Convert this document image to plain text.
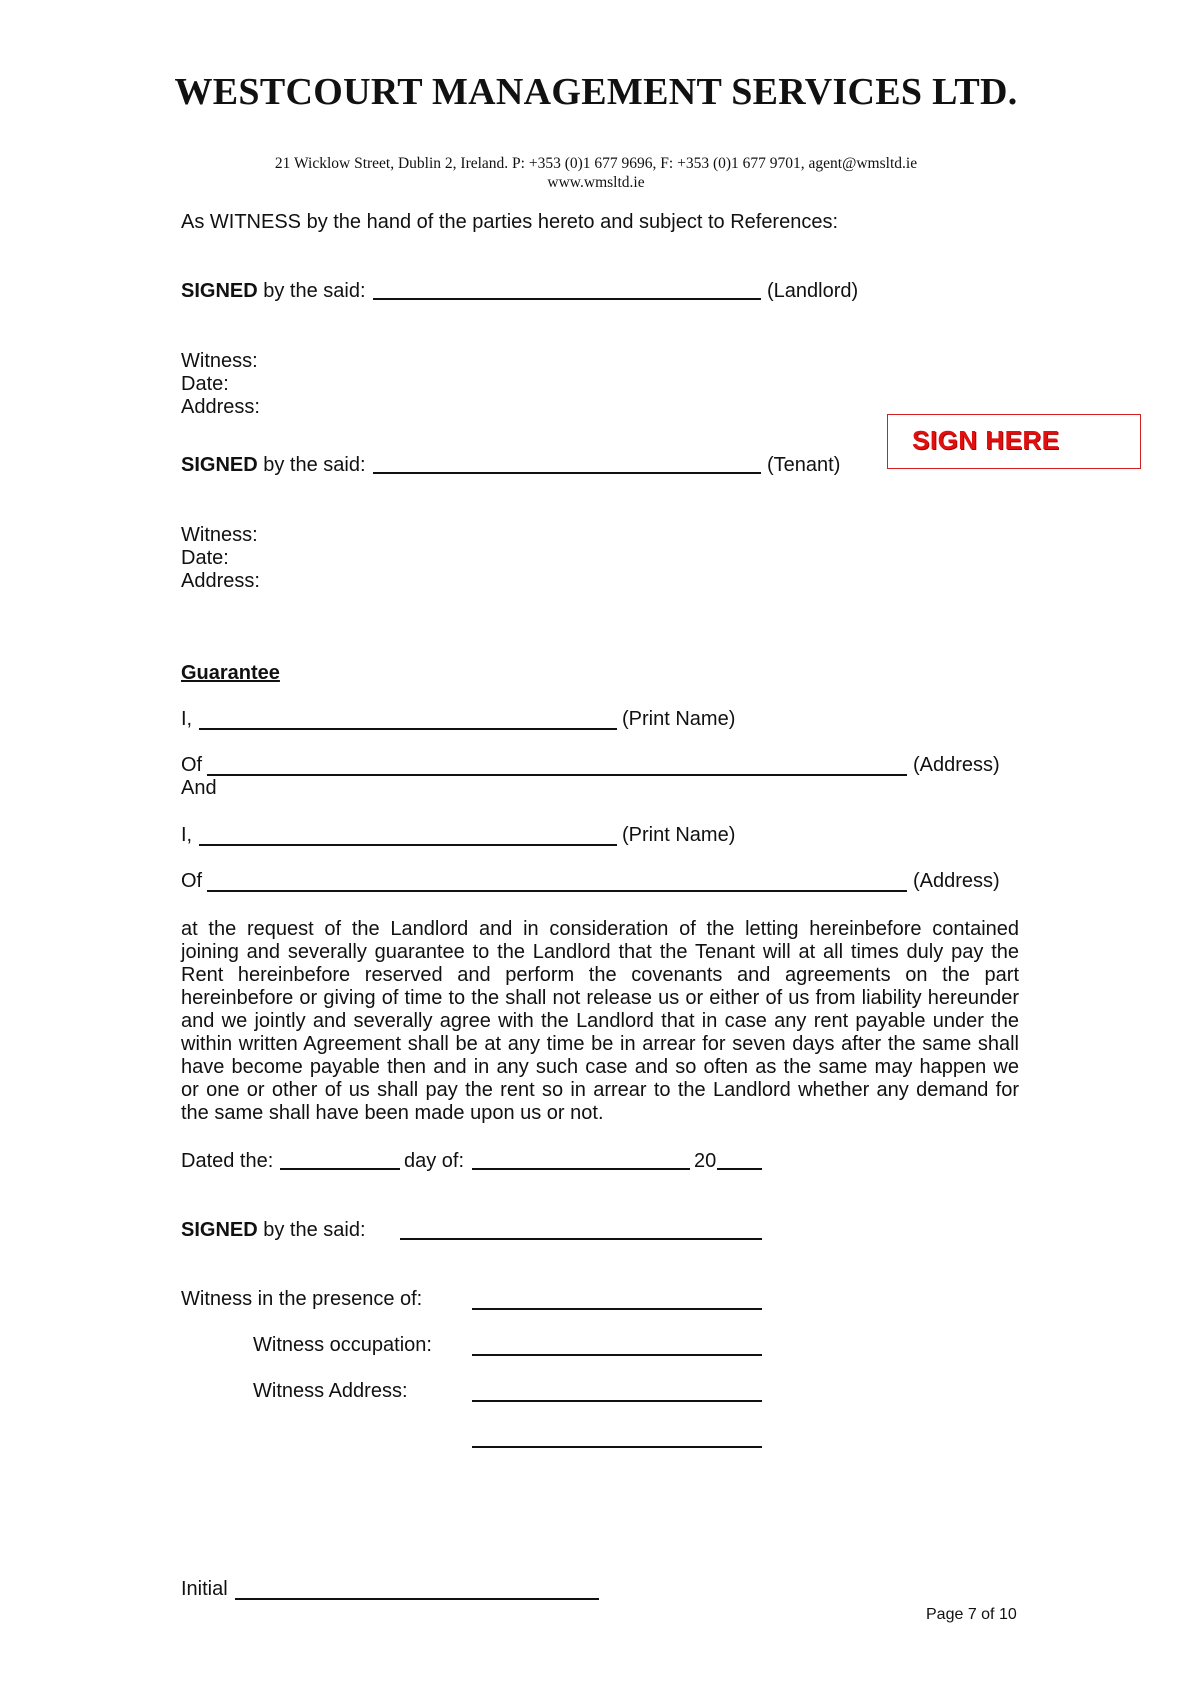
WESTCOURT MANAGEMENT SERVICES LTD.
21 Wicklow Street, Dublin 2, Ireland. P: +353 (0)1 677 9696, F: +353 (0)1 677 9701, agent@wmsltd.ie
www.wmsltd.ie
As WITNESS by the hand of the parties hereto and subject to References:
SIGNED by the said:	(Landlord)
Witness:
Date:
Address:
SIGN HERE
SIGNED by the said:	(Tenant)
Witness:
Date:
Address:
Guarantee
I,	(Print Name)
Of	(Address)
And
I,	(Print Name)
Of	(Address)
at the request of the Landlord and in consideration of the letting hereinbefore contained
joining and severally guarantee to the Landlord that the Tenant will at all times duly pay the
Rent hereinbefore reserved and perform the covenants and agreements on the part
hereinbefore or giving of time to the shall not release us or either of us from liability hereunder
and we jointly and severally agree with the Landlord that in case any rent payable under the
within written Agreement shall be at any time be in arrear for seven days after the same shall
have become payable then and in any such case and so often as the same may happen we
or one or other of us shall pay the rent so in arrear to the Landlord whether any demand for
the same shall have been made upon us or not.
Dated the:	day of:	20
SIGNED by the said:
Witness in the presence of:
Witness occupation:
Witness Address:
Initial
Page 7 of 10
